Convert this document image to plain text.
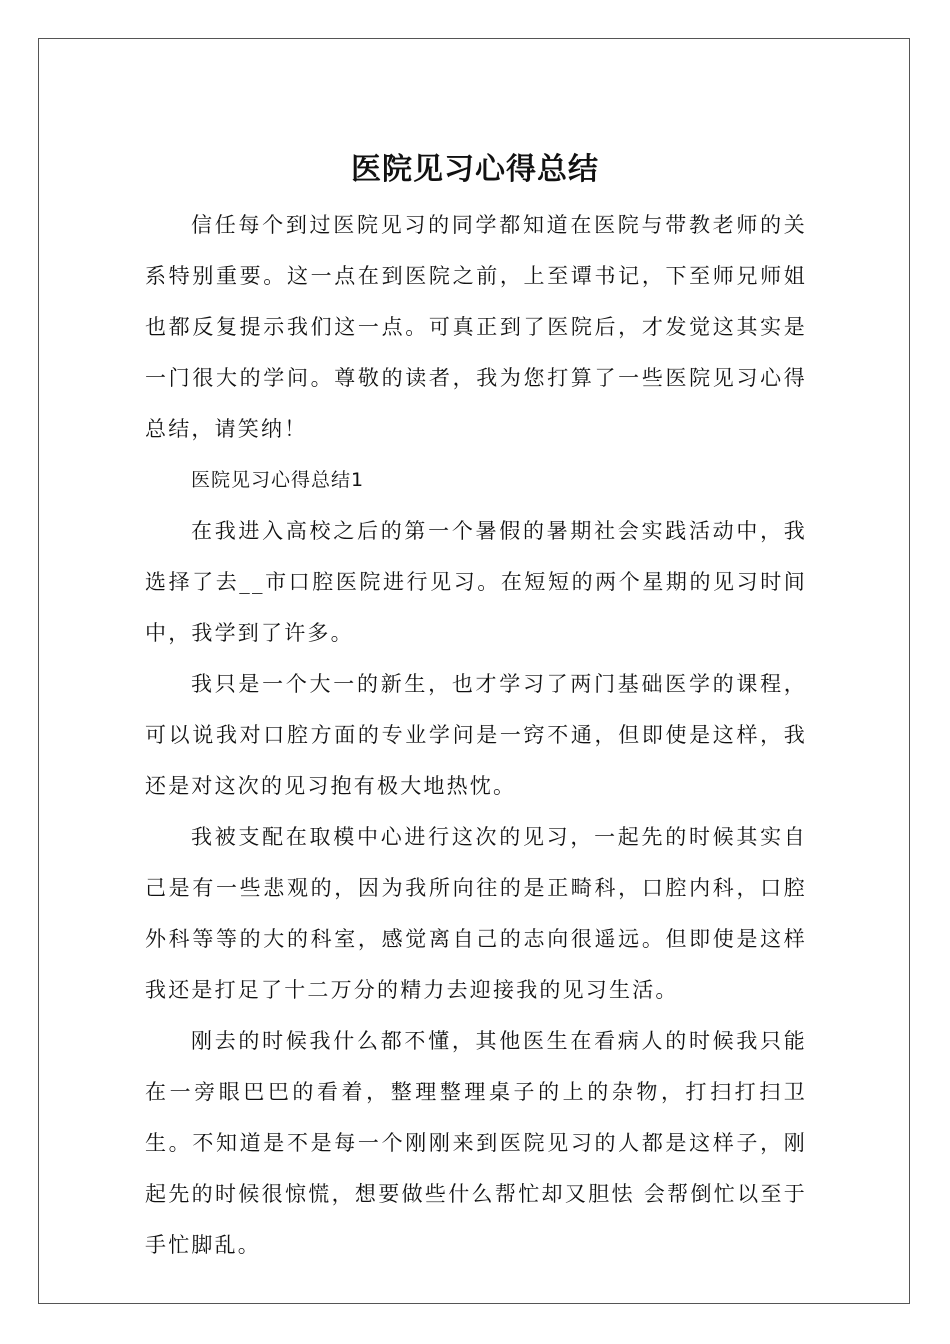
医院见习心得总结

信任每个到过医院见习的同学都知道在医院与带教老师的关系特别重要。这一点在到医院之前，上至谭书记，下至师兄师姐也都反复提示我们这一点。可真正到了医院后，才发觉这其实是一门很大的学问。尊敬的读者，我为您打算了一些医院见习心得总结，请笑纳！

医院见习心得总结1

在我进入高校之后的第一个暑假的暑期社会实践活动中，我选择了去__市口腔医院进行见习。在短短的两个星期的见习时间中，我学到了许多。

我只是一个大一的新生，也才学习了两门基础医学的课程，可以说我对口腔方面的专业学问是一窍不通，但即使是这样，我还是对这次的见习抱有极大地热忱。

我被支配在取模中心进行这次的见习，一起先的时候其实自己是有一些悲观的，因为我所向往的是正畸科，口腔内科，口腔外科等等的大的科室，感觉离自己的志向很遥远。但即使是这样我还是打足了十二万分的精力去迎接我的见习生活。

刚去的时候我什么都不懂，其他医生在看病人的时候我只能在一旁眼巴巴的看着，整理整理桌子的上的杂物，打扫打扫卫生。不知道是不是每一个刚刚来到医院见习的人都是这样子，刚起先的时候很惊慌，想要做些什么帮忙却又胆怯 会帮倒忙以至于手忙脚乱。
